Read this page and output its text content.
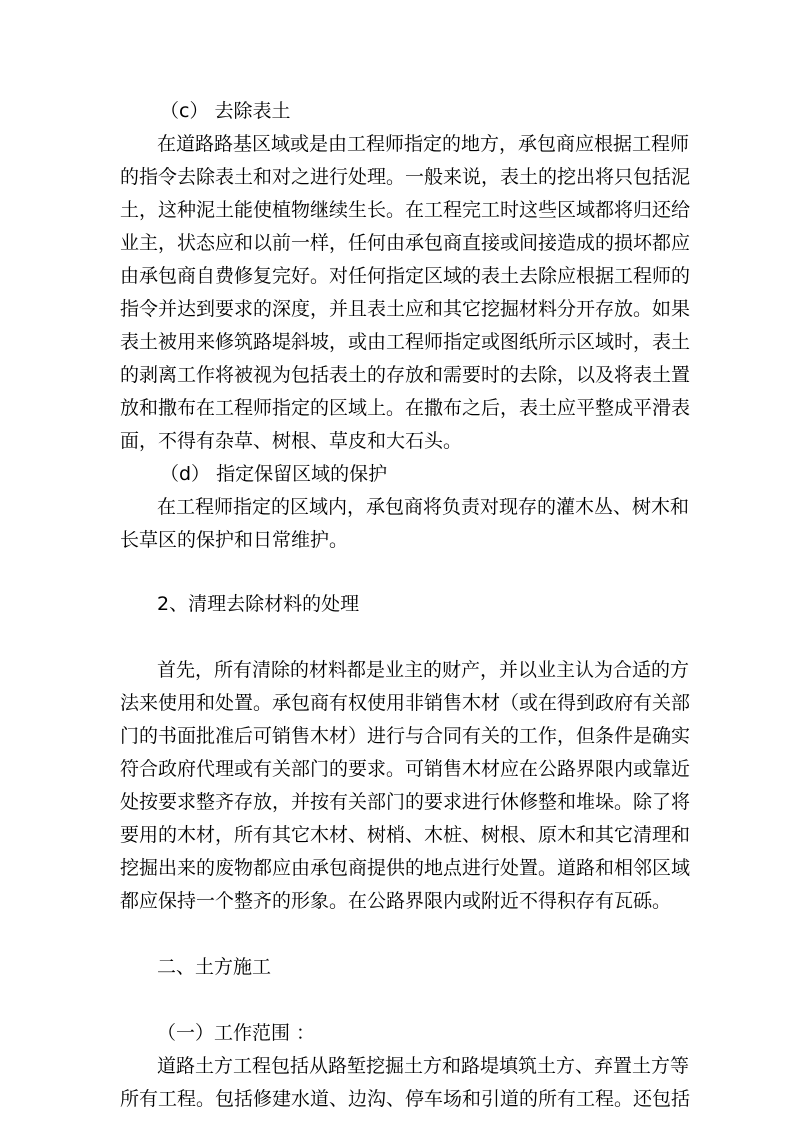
（c） 去除表土
在道路路基区域或是由工程师指定的地方，承包商应根据工程师
的指令去除表土和对之进行处理。一般来说，表土的挖出将只包括泥
土，这种泥土能使植物继续生长。在工程完工时这些区域都将归还给
业主，状态应和以前一样，任何由承包商直接或间接造成的损坏都应
由承包商自费修复完好。对任何指定区域的表土去除应根据工程师的
指令并达到要求的深度，并且表土应和其它挖掘材料分开存放。如果
表土被用来修筑路堤斜坡，或由工程师指定或图纸所示区域时，表土
的剥离工作将被视为包括表土的存放和需要时的去除，以及将表土置
放和撒布在工程师指定的区域上。在撒布之后，表土应平整成平滑表
面，不得有杂草、树根、草皮和大石头。
（d） 指定保留区域的保护
在工程师指定的区域内，承包商将负责对现存的灌木丛、树木和
长草区的保护和日常维护。
2、清理去除材料的处理
首先，所有清除的材料都是业主的财产，并以业主认为合适的方
法来使用和处置。承包商有权使用非销售木材（或在得到政府有关部
门的书面批准后可销售木材）进行与合同有关的工作，但条件是确实
符合政府代理或有关部门的要求。可销售木材应在公路界限内或靠近
处按要求整齐存放，并按有关部门的要求进行休修整和堆垛。除了将
要用的木材，所有其它木材、树梢、木桩、树根、原木和其它清理和
挖掘出来的废物都应由承包商提供的地点进行处置。道路和相邻区域
都应保持一个整齐的形象。在公路界限内或附近不得积存有瓦砾。
二、土方施工
（一）工作范围 ：
道路土方工程包括从路堑挖掘土方和路堤填筑土方、弃置土方等
所有工程。包括修建水道、边沟、停车场和引道的所有工程。还包括
